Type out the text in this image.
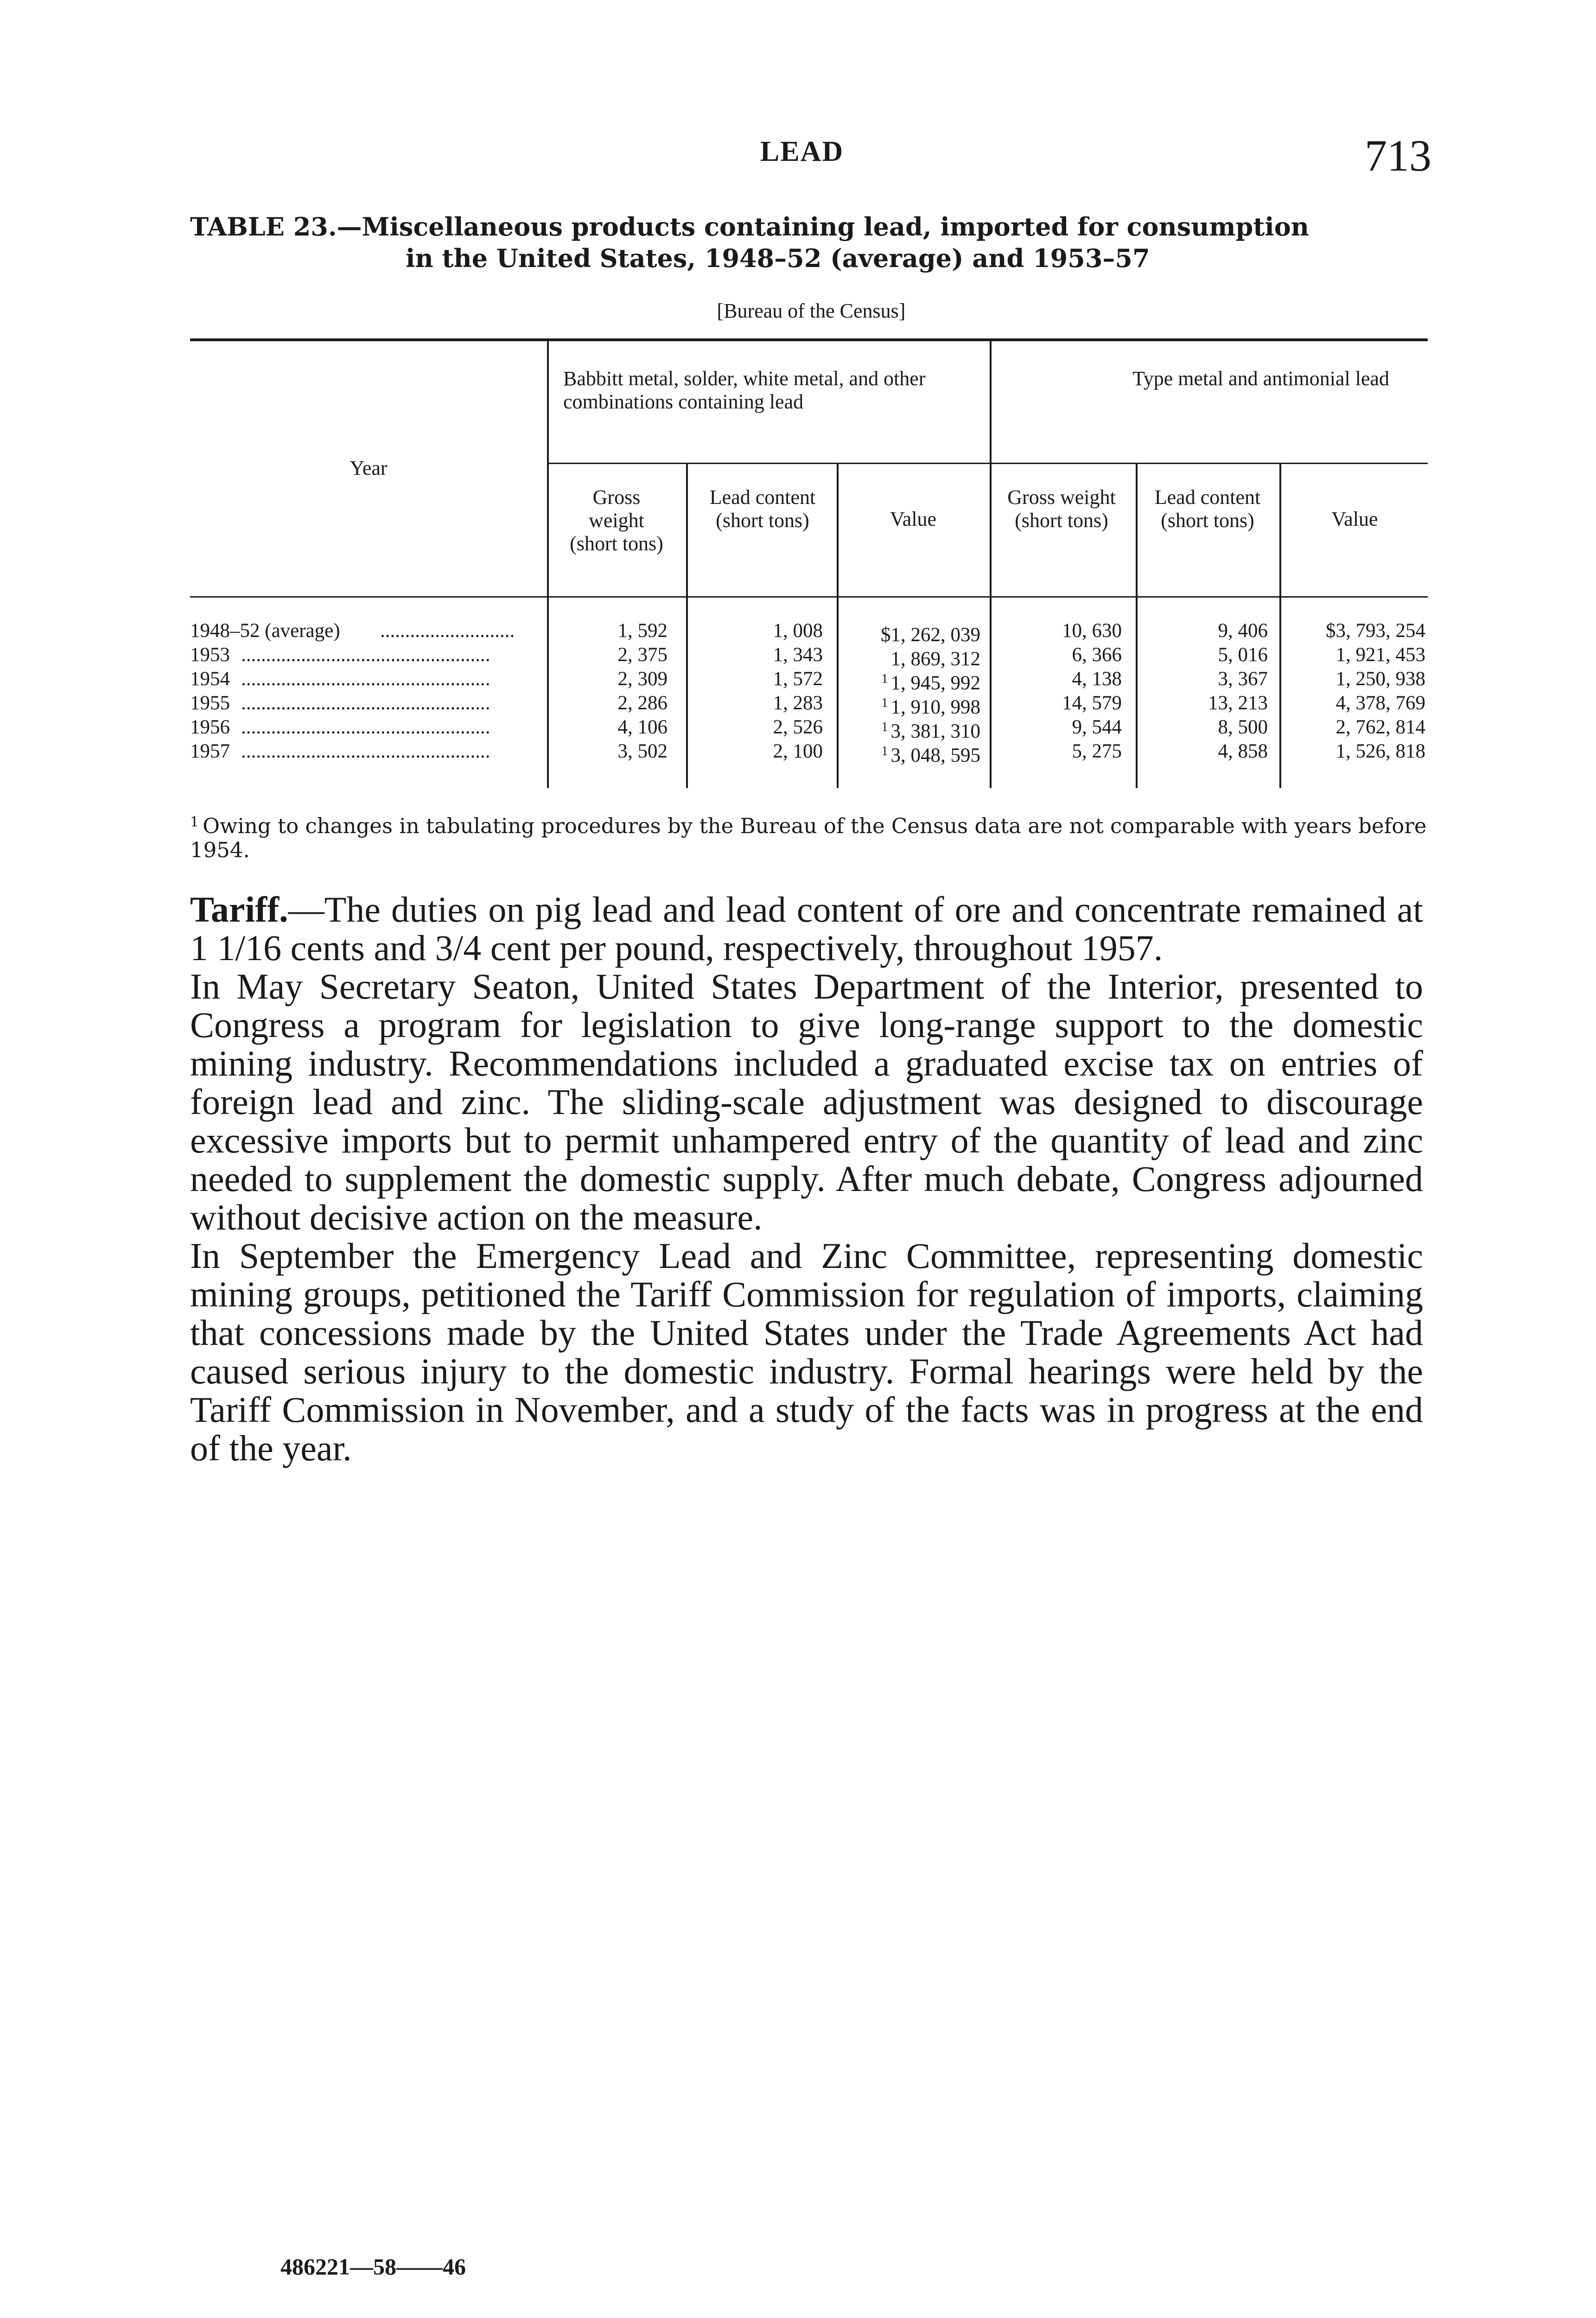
LEAD	713
TABLE 23.—Miscellaneous products containing lead, imported for consumption
in the United States, 1948–52 (average) and 1953–57
[Bureau of the Census]
Year
Babbitt metal, solder, white metal, and other combinations containing lead
Type metal and antimonial lead
Gross weight (short tons)
Lead content (short tons)	Value
Gross weight (short tons)
Lead content (short tons)	Value
1948–52 (average) ...........................	1, 592	1, 008	$1, 262, 039	10, 630	9, 406	$3, 793, 254
1953 ..................................................	2, 375	1, 343	1, 869, 312	6, 366	5, 016	1, 921, 453
1954 ..................................................	2, 309	1, 572	$^1$ 1, 945, 992	4, 138	3, 367	1, 250, 938
1955 ..................................................	2, 286	1, 283	$^1$ 1, 910, 998	14, 579	13, 213	4, 378, 769
1956 ..................................................	4, 106	2, 526	$^1$ 3, 381, 310	9, 544	8, 500	2, 762, 814
1957 ..................................................	3, 502	2, 100	$^1$ 3, 048, 595	5, 275	4, 858	1, 526, 818
$^1$ Owing to changes in tabulating procedures by the Bureau of the Census data are not comparable with years before 1954.

Tariff.—The duties on pig lead and lead content of ore and concentrate remained at 1 1/16 cents and 3/4 cent per pound, respectively, throughout 1957.

In May Secretary Seaton, United States Department of the Interior, presented to Congress a program for legislation to give long-range support to the domestic mining industry. Recommendations included a graduated excise tax on entries of foreign lead and zinc. The sliding-scale adjustment was designed to discourage excessive imports but to permit unhampered entry of the quantity of lead and zinc needed to supplement the domestic supply. After much debate, Congress adjourned without decisive action on the measure.

In September the Emergency Lead and Zinc Committee, representing domestic mining groups, petitioned the Tariff Commission for regulation of imports, claiming that concessions made by the United States under the Trade Agreements Act had caused serious injury to the domestic industry. Formal hearings were held by the Tariff Commission in November, and a study of the facts was in progress at the end of the year.

486221—58——46
